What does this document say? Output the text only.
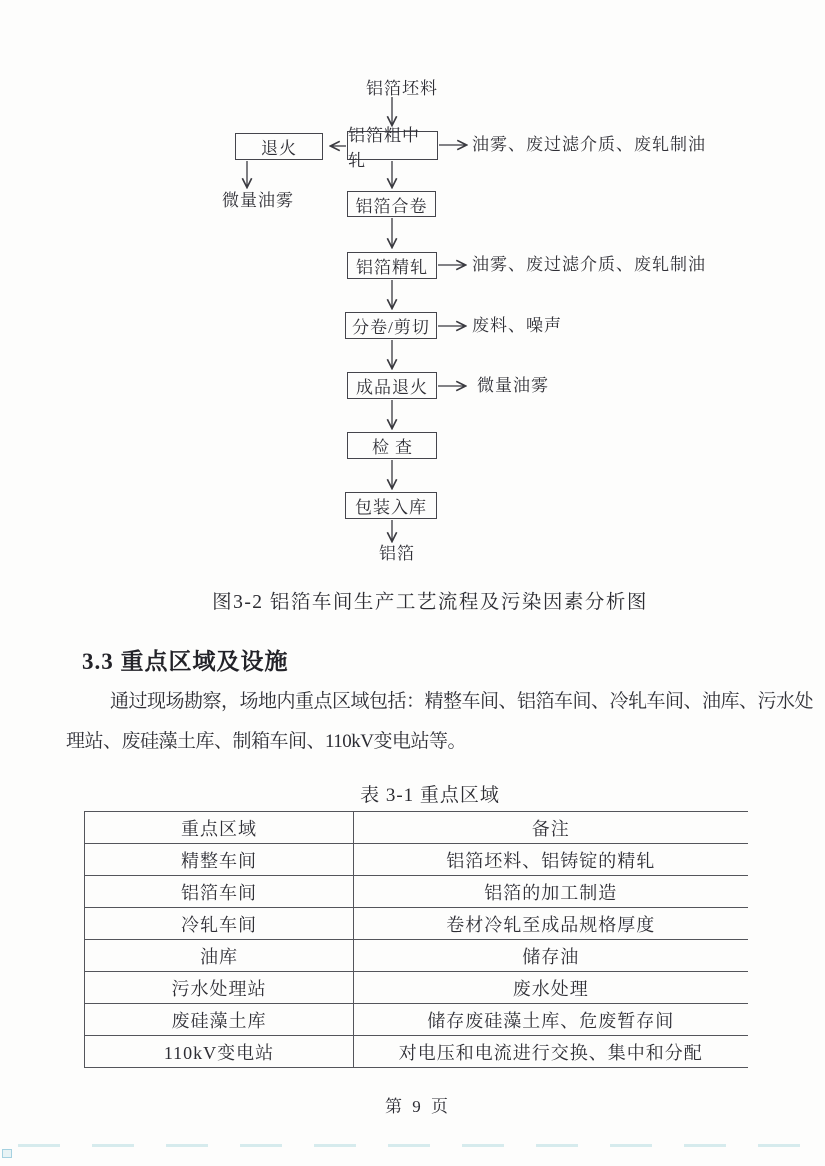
铝箔坯料
退火
微量油雾
铝箔粗中轧
油雾、废过滤介质、废轧制油
铝箔合卷
铝箔精轧	油雾、废过滤介质、废轧制油
分卷/剪切	废料、噪声
成品退火	微量油雾
检查
包装入库
铝箔
图3-2 铝箔车间生产工艺流程及污染因素分析图
3.3 重点区域及设施
通过现场勘察，场地内重点区域包括：精整车间、铝箔车间、冷轧车间、油库、污水处
理站、废硅藻土库、制箱车间、110kV变电站等。
表 3-1 重点区域
重点区域	备注
精整车间	铝箔坯料、铝铸锭的精轧
铝箔车间	铝箔的加工制造
冷轧车间	卷材冷轧至成品规格厚度
油库	储存油
污水处理站	废水处理
废硅藻土库	储存废硅藻土库、危废暂存间
110kV变电站	对电压和电流进行交换、集中和分配
第 9 页
